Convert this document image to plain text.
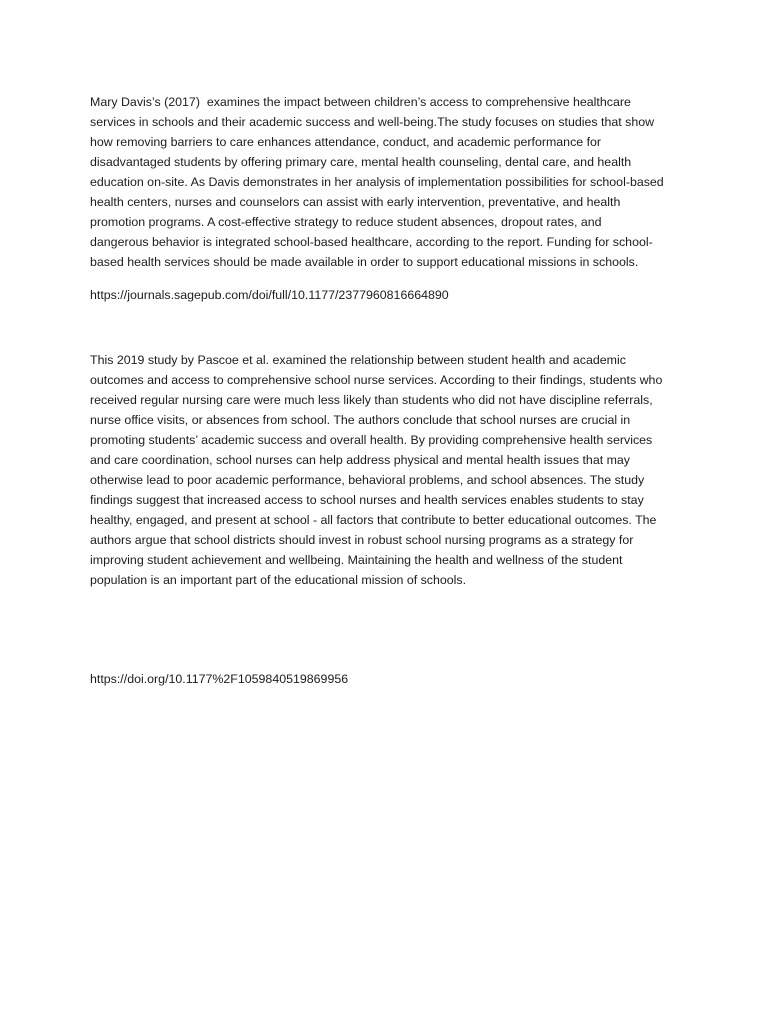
Mary Davis’s (2017)  examines the impact between children’s access to comprehensive healthcare
services in schools and their academic success and well-being.The study focuses on studies that show
how removing barriers to care enhances attendance, conduct, and academic performance for
disadvantaged students by offering primary care, mental health counseling, dental care, and health
education on-site. As Davis demonstrates in her analysis of implementation possibilities for school-based
health centers, nurses and counselors can assist with early intervention, preventative, and health
promotion programs. A cost-effective strategy to reduce student absences, dropout rates, and
dangerous behavior is integrated school-based healthcare, according to the report. Funding for school-
based health services should be made available in order to support educational missions in schools.
https://journals.sagepub.com/doi/full/10.1177/2377960816664890
This 2019 study by Pascoe et al. examined the relationship between student health and academic
outcomes and access to comprehensive school nurse services. According to their findings, students who
received regular nursing care were much less likely than students who did not have discipline referrals,
nurse office visits, or absences from school. The authors conclude that school nurses are crucial in
promoting students’ academic success and overall health. By providing comprehensive health services
and care coordination, school nurses can help address physical and mental health issues that may
otherwise lead to poor academic performance, behavioral problems, and school absences. The study
findings suggest that increased access to school nurses and health services enables students to stay
healthy, engaged, and present at school - all factors that contribute to better educational outcomes. The
authors argue that school districts should invest in robust school nursing programs as a strategy for
improving student achievement and wellbeing. Maintaining the health and wellness of the student
population is an important part of the educational mission of schools.
https://doi.org/10.1177%2F1059840519869956
